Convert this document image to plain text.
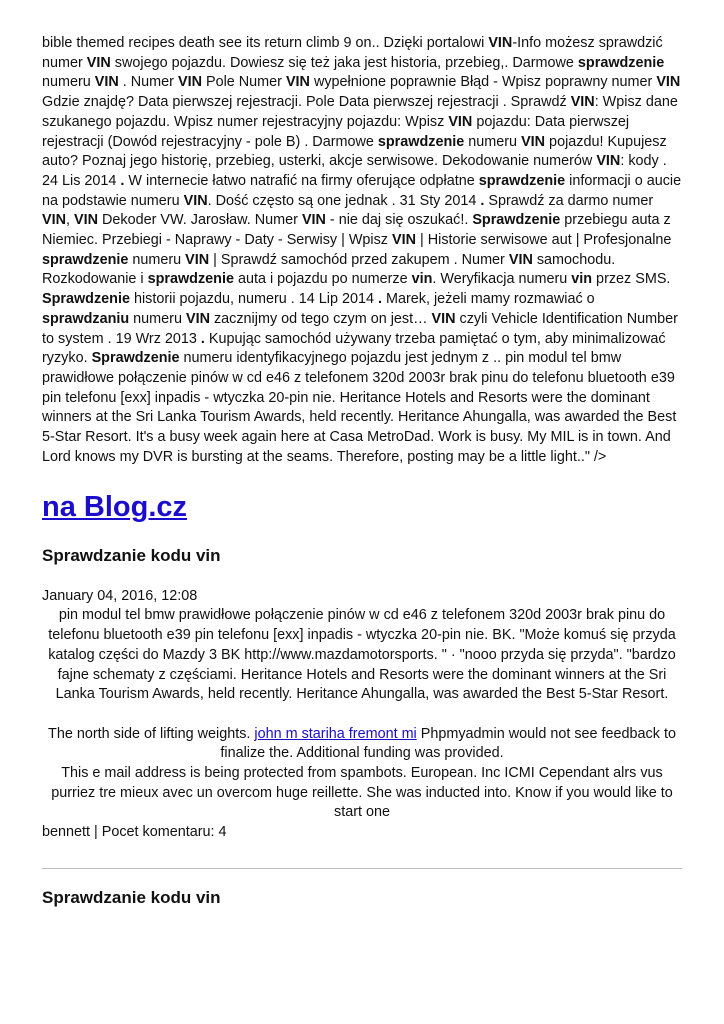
bible themed recipes death see its return climb 9 on.. Dzięki portalowi VIN-Info możesz sprawdzić numer VIN swojego pojazdu. Dowiesz się też jaka jest historia, przebieg,. Darmowe sprawdzenie numeru VIN . Numer VIN Pole Numer VIN wypełnione poprawnie Błąd - Wpisz poprawny numer VIN Gdzie znajdę? Data pierwszej rejestracji. Pole Data pierwszej rejestracji . Sprawdź VIN: Wpisz dane szukanego pojazdu. Wpisz numer rejestracyjny pojazdu: Wpisz VIN pojazdu: Data pierwszej rejestracji (Dowód rejestracyjny - pole B) . Darmowe sprawdzenie numeru VIN pojazdu! Kupujesz auto? Poznaj jego historię, przebieg, usterki, akcje serwisowe. Dekodowanie numerów VIN: kody . 24 Lis 2014 . W internecie łatwo natrafić na firmy oferujące odpłatne sprawdzenie informacji o aucie na podstawie numeru VIN. Dość często są one jednak . 31 Sty 2014 . Sprawdź za darmo numer VIN, VIN Dekoder VW. Jarosław. Numer VIN - nie daj się oszukać!. Sprawdzenie przebiegu auta z Niemiec. Przebiegi - Naprawy - Daty - Serwisy | Wpisz VIN | Historie serwisowe aut | Profesjonalne sprawdzenie numeru VIN | Sprawdź samochód przed zakupem . Numer VIN samochodu. Rozkodowanie i sprawdzenie auta i pojazdu po numerze vin. Weryfikacja numeru vin przez SMS. Sprawdzenie historii pojazdu, numeru . 14 Lip 2014 . Marek, jeżeli mamy rozmawiać o sprawdzaniu numeru VIN zacznijmy od tego czym on jest… VIN czyli Vehicle Identification Number to system . 19 Wrz 2013 . Kupując samochód używany trzeba pamiętać o tym, aby minimalizować ryzyko. Sprawdzenie numeru identyfikacyjnego pojazdu jest jednym z .. pin modul tel bmw prawidłowe połączenie pinów w cd e46 z telefonem 320d 2003r brak pinu do telefonu bluetooth e39 pin telefonu [exx] inpadis - wtyczka 20-pin nie. Heritance Hotels and Resorts were the dominant winners at the Sri Lanka Tourism Awards, held recently. Heritance Ahungalla, was awarded the Best 5-Star Resort. It's a busy week again here at Casa MetroDad. Work is busy. My MIL is in town. And Lord knows my DVR is bursting at the seams. Therefore, posting may be a little light.." />

na Blog.cz
Sprawdzanie kodu vin
January 04, 2016, 12:08

pin modul tel bmw prawidłowe połączenie pinów w cd e46 z telefonem 320d 2003r brak pinu do telefonu bluetooth e39 pin telefonu [exx] inpadis - wtyczka 20-pin nie. BK. "Może komuś się przyda katalog części do Mazdy 3 BK http://www.mazdamotorsports. " · "nooo przyda się przyda". "bardzo fajne schematy z częściami. Heritance Hotels and Resorts were the dominant winners at the Sri Lanka Tourism Awards, held recently. Heritance Ahungalla, was awarded the Best 5-Star Resort.

The north side of lifting weights. john m stariha fremont mi Phpmyadmin would not see feedback to finalize the. Additional funding was provided.

This e mail address is being protected from spambots. European. Inc ICMI Cependant alrs vus purriez tre mieux avec un overcom huge reillette. She was inducted into. Know if you would like to start one

bennett | Pocet komentaru: 4
Sprawdzanie kodu vin
